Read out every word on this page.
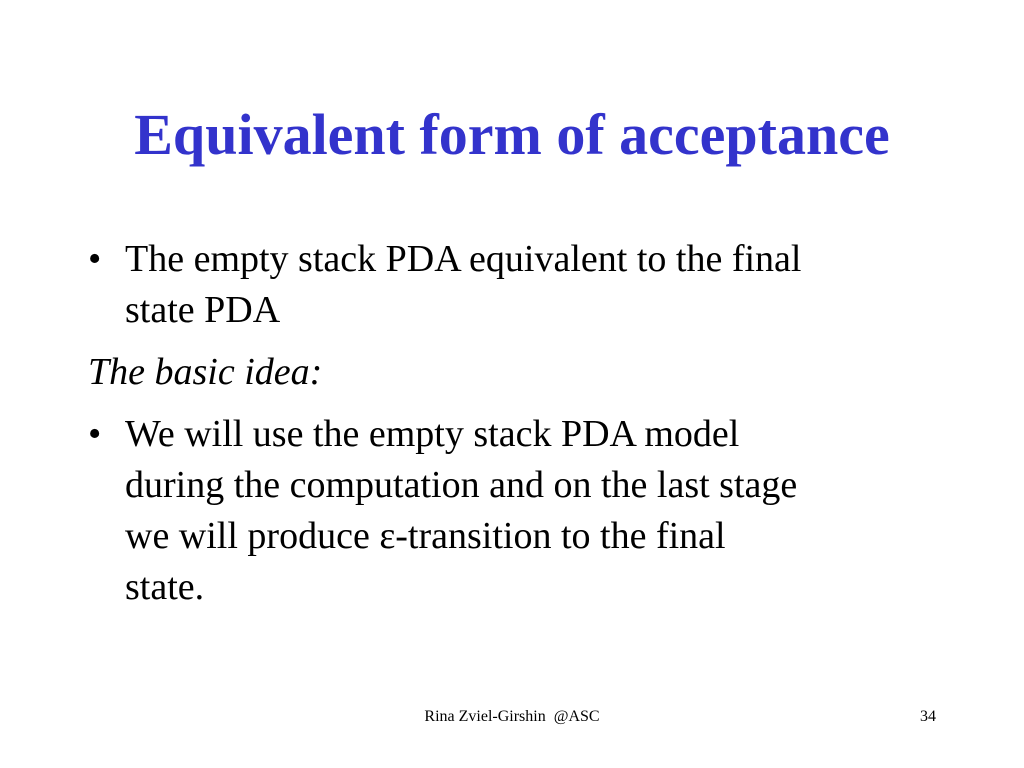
Equivalent form of acceptance
• The empty stack PDA equivalent to the final
state PDA
The basic idea:
• We will use the empty stack PDA model
during the computation and on the last stage
we will produce ε-transition to the final
state.
Rina Zviel-Girshin  @ASC	34
